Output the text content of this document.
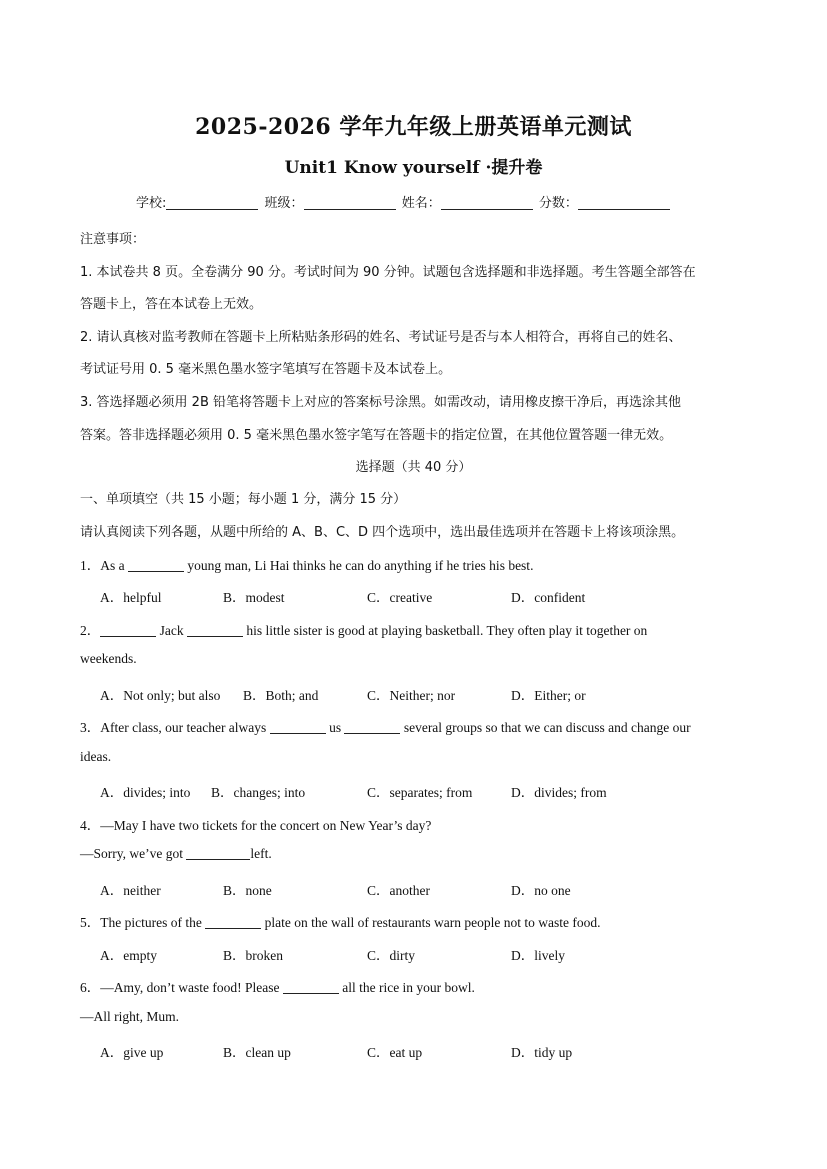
2025-2026 学年九年级上册英语单元测试
Unit1 Know yourself ·提升卷
学校:	班级：	姓名：	分数：
注意事项：
1. 本试卷共 8 页。全卷满分 90 分。考试时间为 90 分钟。试题包含选择题和非选择题。考生答题全部答在
答题卡上，答在本试卷上无效。
2. 请认真核对监考教师在答题卡上所粘贴条形码的姓名、考试证号是否与本人相符合，再将自己的姓名、
考试证号用 0. 5 毫米黑色墨水签字笔填写在答题卡及本试卷上。
3. 答选择题必须用 2B 铅笔将答题卡上对应的答案标号涂黑。如需改动，请用橡皮擦干净后，再选涂其他
答案。答非选择题必须用 0. 5 毫米黑色墨水签字笔写在答题卡的指定位置，在其他位置答题一律无效。
选择题（共 40 分）
一、单项填空（共 15 小题；每小题 1 分，满分 15 分）
请认真阅读下列各题，从题中所给的 A、B、C、D 四个选项中，选出最佳选项并在答题卡上将该项涂黑。
1．As a	young man, Li Hai thinks he can do anything if he tries his best.
A．helpful	B．modest	C．creative	D．confident
2．	Jack	his little sister is good at playing basketball. They often play it together on
weekends.
A．Not only; but also B．Both; and	C．Neither; nor	D．Either; or
3．After class, our teacher always	us	several groups so that we can discuss and change our
ideas.
A．divides; into B．changes; into	C．separates; from	D．divides; from
4．—May I have two tickets for the concert on New Year’s day?
—Sorry, we’ve got	left.
A．neither	B．none	C．another	D．no one
5．The pictures of the	plate on the wall of restaurants warn people not to waste food.
A．empty	B．broken	C．dirty	D．lively
6．—Amy, don’t waste food! Please	all the rice in your bowl.
—All right, Mum.
A．give up	B．clean up	C．eat up	D．tidy up
